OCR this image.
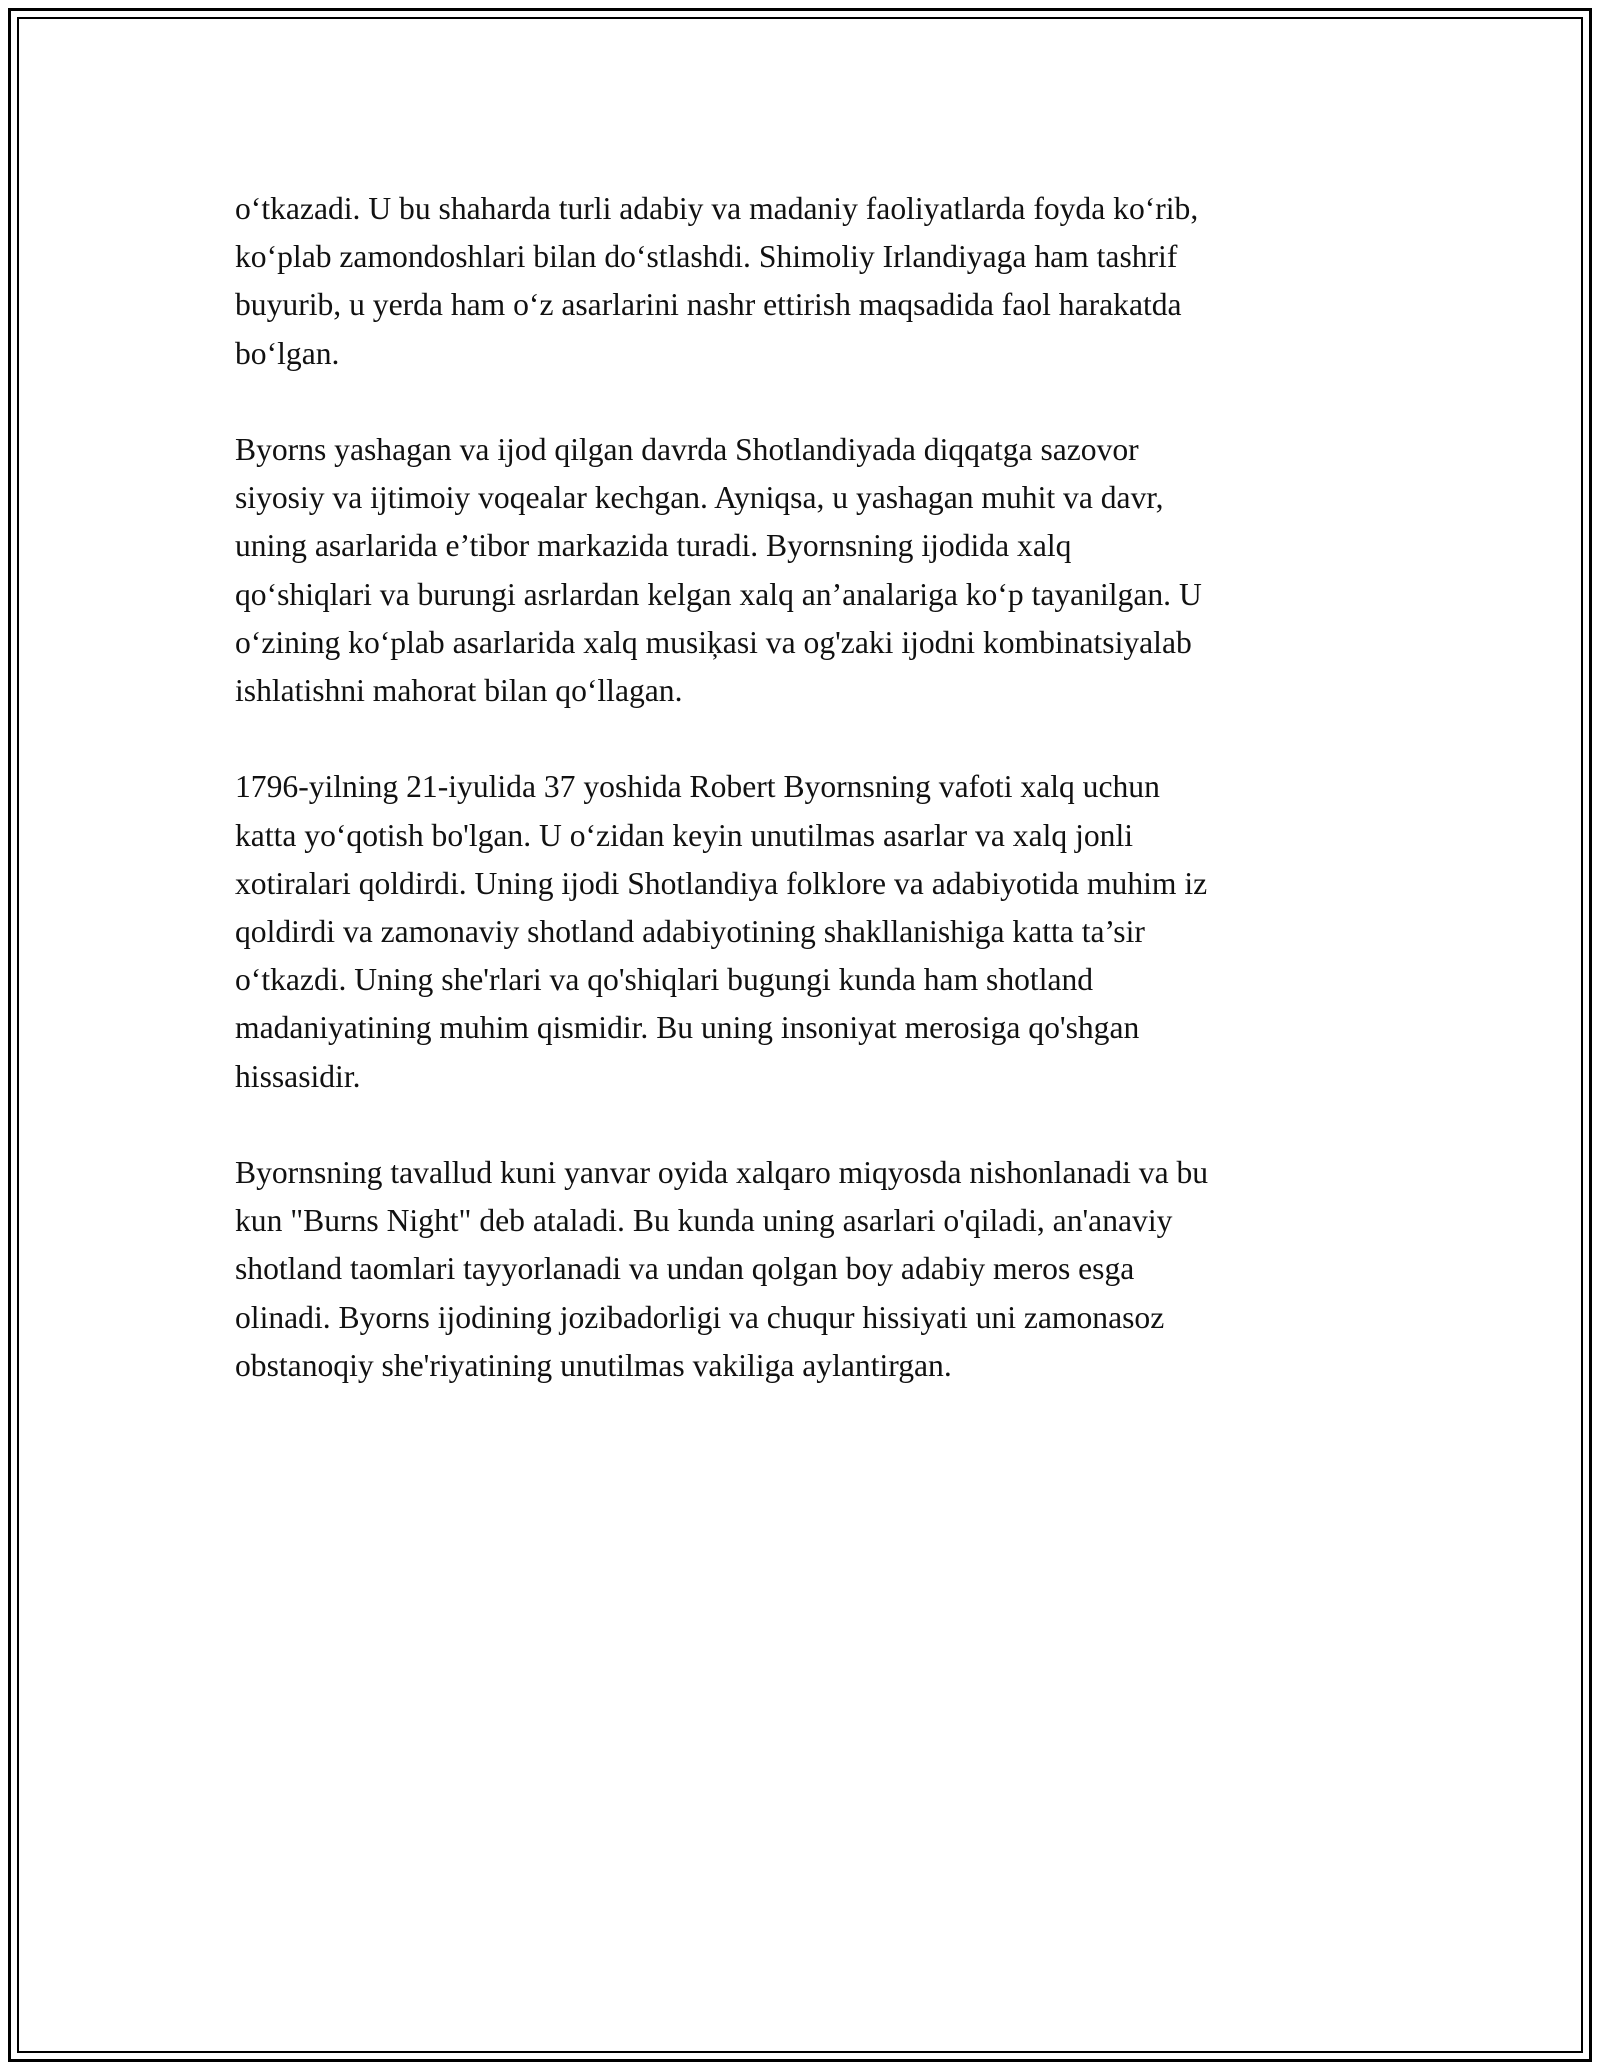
o‘tkazadi. U bu shaharda turli adabiy va madaniy faoliyatlarda foyda ko‘rib,
ko‘plab zamondoshlari bilan do‘stlashdi. Shimoliy Irlandiyaga ham tashrif
buyurib, u yerda ham o‘z asarlarini nashr ettirish maqsadida faol harakatda
bo‘lgan.

Byorns yashagan va ijod qilgan davrda Shotlandiyada diqqatga sazovor
siyosiy va ijtimoiy voqealar kechgan. Ayniqsa, u yashagan muhit va davr,
uning asarlarida e’tibor markazida turadi. Byornsning ijodida xalq
qo‘shiqlari va burungi asrlardan kelgan xalq an’analariga ko‘p tayanilgan. U
o‘zining ko‘plab asarlarida xalq musiķasi va og'zaki ijodni kombinatsiyalab
ishlatishni mahorat bilan qo‘llagan.

1796-yilning 21-iyulida 37 yoshida Robert Byornsning vafoti xalq uchun
katta yo‘qotish bo'lgan. U o‘zidan keyin unutilmas asarlar va xalq jonli
xotiralari qoldirdi. Uning ijodi Shotlandiya folklore va adabiyotida muhim iz
qoldirdi va zamonaviy shotland adabiyotining shakllanishiga katta ta’sir
o‘tkazdi. Uning she'rlari va qo'shiqlari bugungi kunda ham shotland
madaniyatining muhim qismidir. Bu uning insoniyat merosiga qo'shgan
hissasidir.

Byornsning tavallud kuni yanvar oyida xalqaro miqyosda nishonlanadi va bu
kun "Burns Night" deb ataladi. Bu kunda uning asarlari o'qiladi, an'anaviy
shotland taomlari tayyorlanadi va undan qolgan boy adabiy meros esga
olinadi. Byorns ijodining jozibadorligi va chuqur hissiyati uni zamonasoz
obstanoqiy she'riyatining unutilmas vakiliga aylantirgan.
